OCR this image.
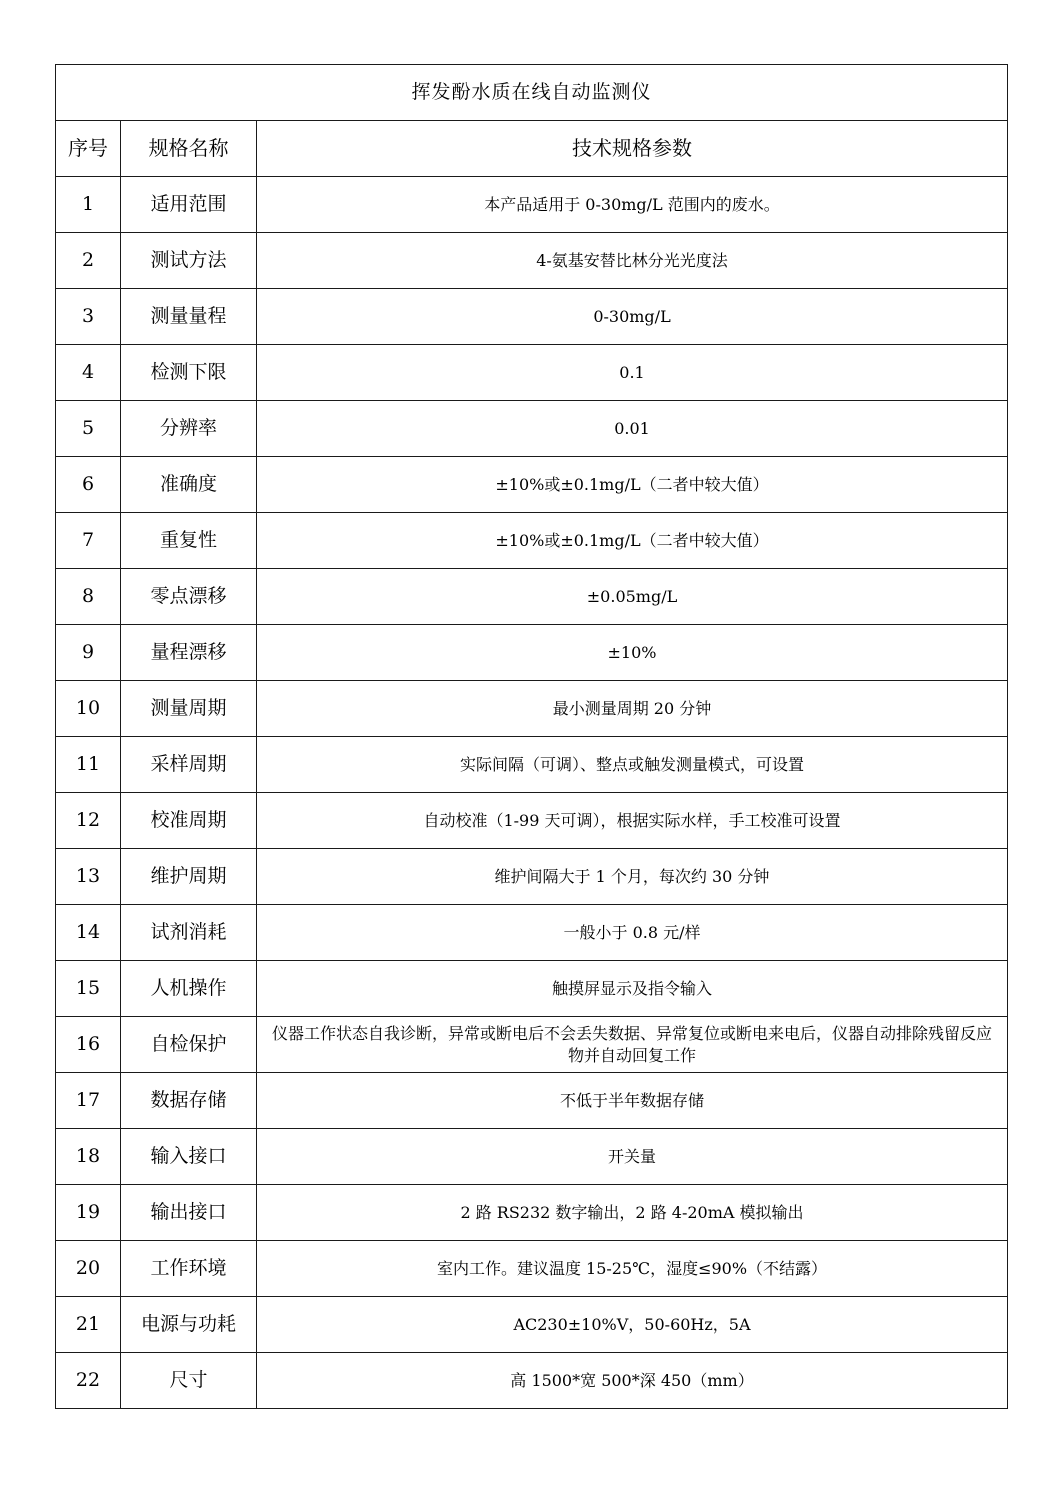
挥发酚水质在线自动监测仪		
序号	规格名称	技术规格参数
1	适用范围	本产品适用于 0-30mg/L 范围内的废水。
2	测试方法	4-氨基安替比林分光光度法
3	测量量程	0-30mg/L
4	检测下限	0.1
5	分辨率	0.01
6	准确度	±10%或±0.1mg/L（二者中较大值）
7	重复性	±10%或±0.1mg/L（二者中较大值）
8	零点漂移	±0.05mg/L
9	量程漂移	±10%
10	测量周期	最小测量周期 20 分钟
11	采样周期	实际间隔（可调）、整点或触发测量模式，可设置
12	校准周期	自动校准（1-99 天可调），根据实际水样，手工校准可设置
13	维护周期	维护间隔大于 1 个月，每次约 30 分钟
14	试剂消耗	一般小于 0.8 元/样
15	人机操作	触摸屏显示及指令输入
16	自检保护	仪器工作状态自我诊断，异常或断电后不会丢失数据、异常复位或断电来电后，仪器自动排除残留反应物并自动回复工作
17	数据存储	不低于半年数据存储
18	输入接口	开关量
19	输出接口	2 路 RS232 数字输出，2 路 4-20mA 模拟输出
20	工作环境	室内工作。建议温度 15-25℃，湿度≤90%（不结露）
21	电源与功耗	AC230±10%V，50-60Hz，5A
22	尺寸	高 1500*宽 500*深 450（mm）
